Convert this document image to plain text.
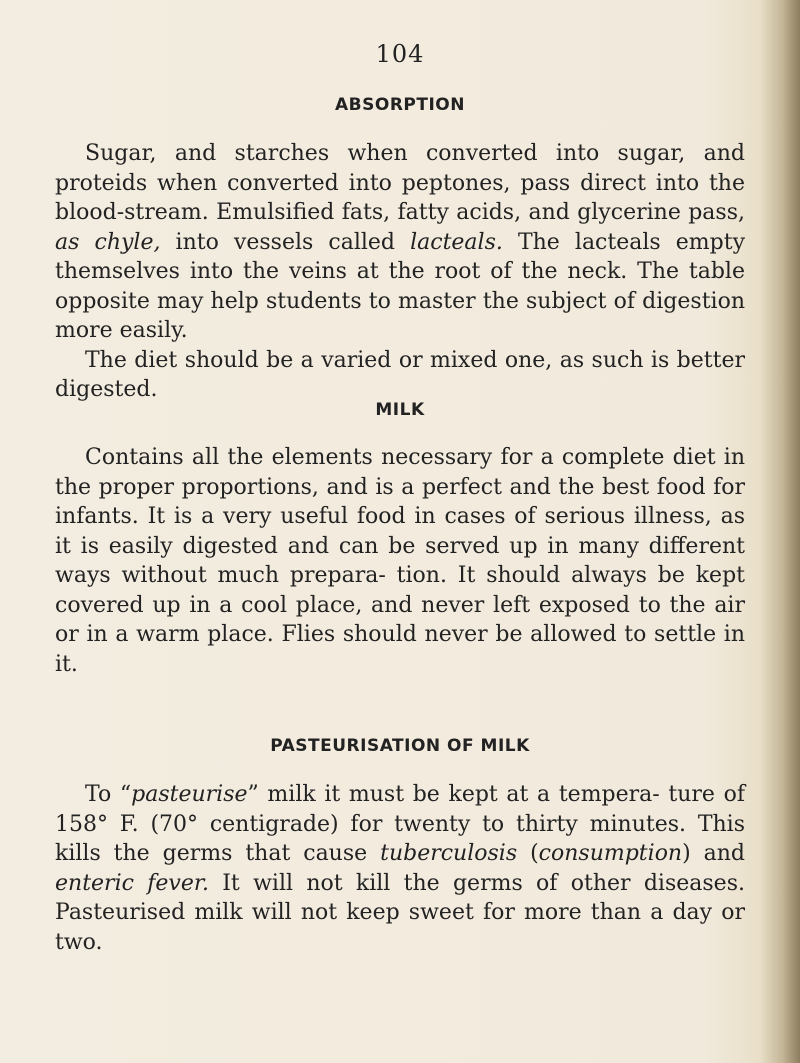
104
ABSORPTION

Sugar, and starches when converted into sugar, and proteids when converted into peptones, pass direct into the blood-stream. Emulsified fats, fatty acids, and glycerine pass, as chyle, into vessels called lacteals. The lacteals empty themselves into the veins at the root of the neck. The table opposite may help students to master the subject of digestion more easily.

The diet should be a varied or mixed one, as such is better digested.

MILK

Contains all the elements necessary for a complete diet in the proper proportions, and is a perfect and the best food for infants. It is a very useful food in cases of serious illness, as it is easily digested and can be served up in many different ways without much prepara- tion. It should always be kept covered up in a cool place, and never left exposed to the air or in a warm place. Flies should never be allowed to settle in it.

PASTEURISATION OF MILK

To “pasteurise” milk it must be kept at a tempera- ture of 158° F. (70° centigrade) for twenty to thirty minutes. This kills the germs that cause tuberculosis (consumption) and enteric fever. It will not kill the germs of other diseases. Pasteurised milk will not keep sweet for more than a day or two.
